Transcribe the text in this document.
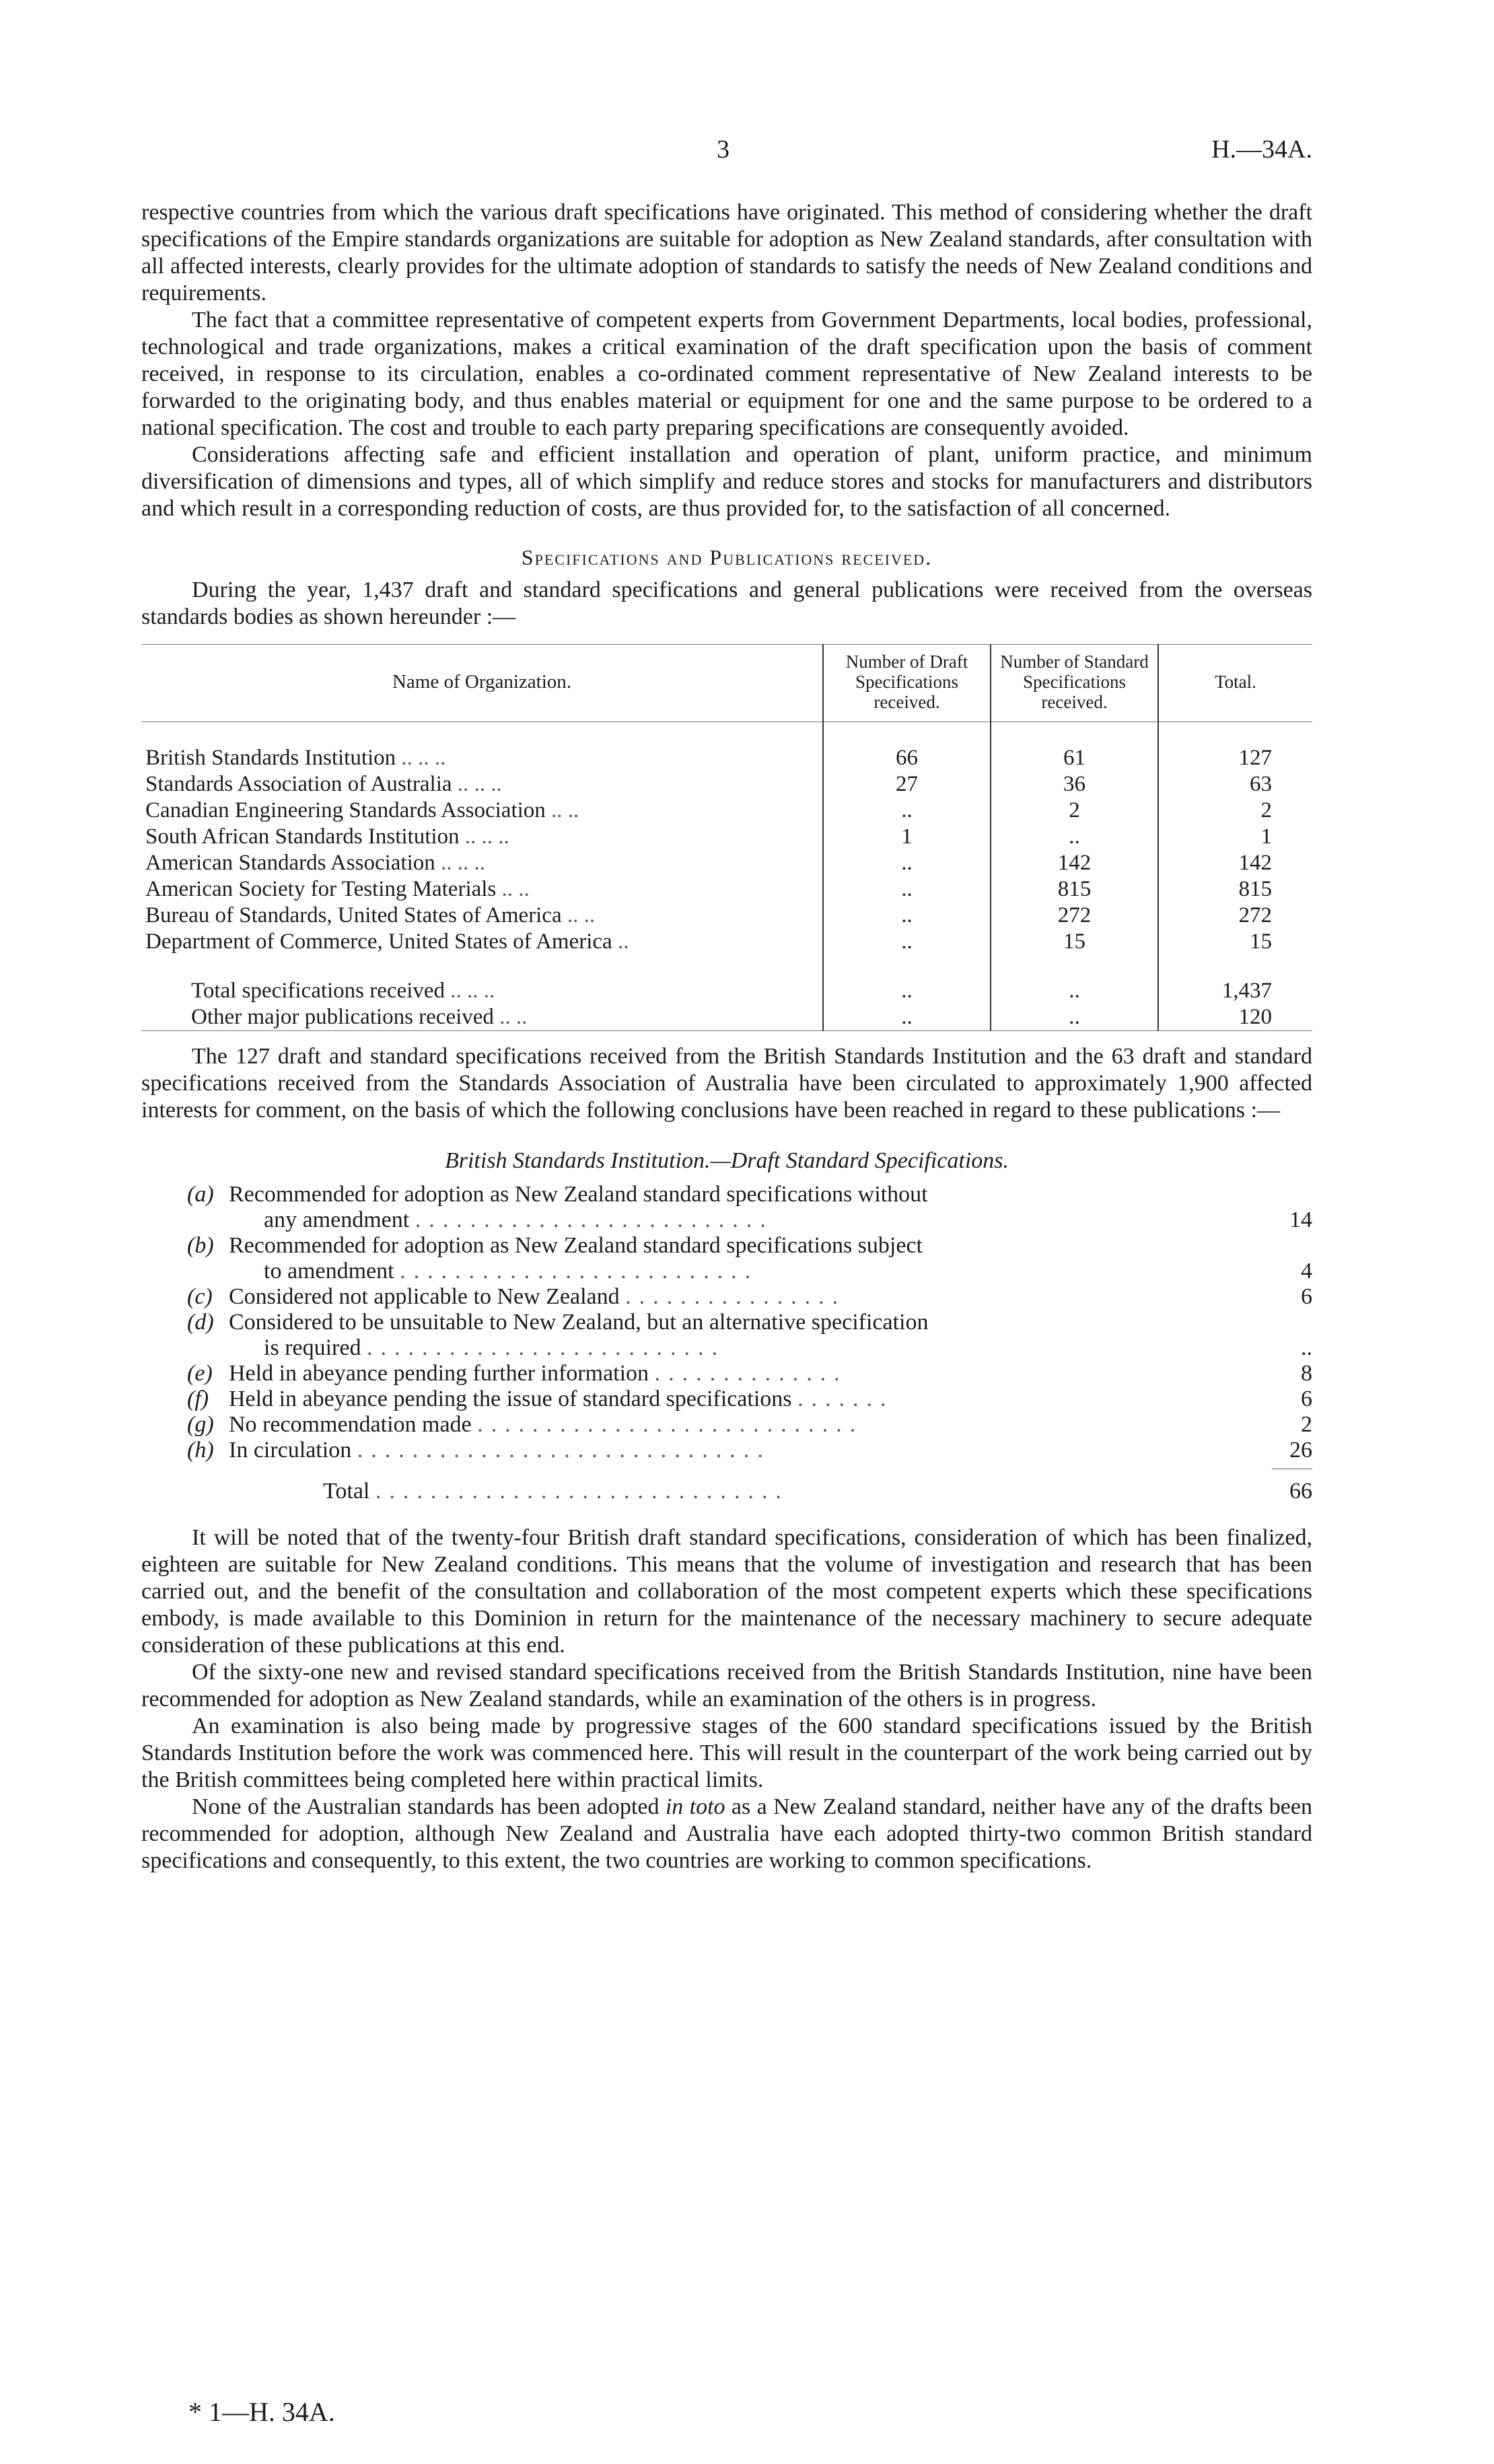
3	H.—34A.

respective countries from which the various draft specifications have originated. This method of considering whether the draft specifications of the Empire standards organizations are suitable for adoption as New Zealand standards, after consultation with all affected interests, clearly provides for the ultimate adoption of standards to satisfy the needs of New Zealand conditions and requirements.

The fact that a committee representative of competent experts from Government Departments, local bodies, professional, technological and trade organizations, makes a critical examination of the draft specification upon the basis of comment received, in response to its circulation, enables a co-ordinated comment representative of New Zealand interests to be forwarded to the originating body, and thus enables material or equipment for one and the same purpose to be ordered to a national specification. The cost and trouble to each party preparing specifications are consequently avoided.

Considerations affecting safe and efficient installation and operation of plant, uniform practice, and minimum diversification of dimensions and types, all of which simplify and reduce stores and stocks for manufacturers and distributors and which result in a corresponding reduction of costs, are thus provided for, to the satisfaction of all concerned.

Specifications and Publications received.

During the year, 1,437 draft and standard specifications and general publications were received from the overseas standards bodies as shown hereunder :—

Name of Organization.	Number of Draft Specifications received.	Number of Standard Specifications received.	Total.

British Standards Institution .. .. ..	66	61	127
Standards Association of Australia .. .. ..	27	36	63
Canadian Engineering Standards Association .. ..	..	2	2
South African Standards Institution .. .. ..	1	..	1
American Standards Association .. .. ..	..	142	142
American Society for Testing Materials .. ..	..	815	815
Bureau of Standards, United States of America .. ..	..	272	272
Department of Commerce, United States of America ..	..	15	15

Total specifications received .. .. ..	..	..	1,437
Other major publications received .. ..	..	..	120

The 127 draft and standard specifications received from the British Standards Institution and the 63 draft and standard specifications received from the Standards Association of Australia have been circulated to approximately 1,900 affected interests for comment, on the basis of which the following conclusions have been reached in regard to these publications :—

British Standards Institution.—Draft Standard Specifications.
(a) Recommended for adoption as New Zealand standard specifications without
any amendment ..........................	14
(b) Recommended for adoption as New Zealand standard specifications subject
to amendment ..........................	4
(c) Considered not applicable to New Zealand ................	6
(d) Considered to be unsuitable to New Zealand, but an alternative specification
is required ..........................	..
(e) Held in abeyance pending further information ..............	8
(f) Held in abeyance pending the issue of standard specifications .......	6
(g) No recommendation made ............................	2
(h) In circulation ..............................	26
Total ..............................	66

It will be noted that of the twenty-four British draft standard specifications, consideration of which has been finalized, eighteen are suitable for New Zealand conditions. This means that the volume of investigation and research that has been carried out, and the benefit of the consultation and collaboration of the most competent experts which these specifications embody, is made available to this Dominion in return for the maintenance of the necessary machinery to secure adequate consideration of these publications at this end.

Of the sixty-one new and revised standard specifications received from the British Standards Institution, nine have been recommended for adoption as New Zealand standards, while an examination of the others is in progress.

An examination is also being made by progressive stages of the 600 standard specifications issued by the British Standards Institution before the work was commenced here. This will result in the counterpart of the work being carried out by the British committees being completed here within practical limits.

None of the Australian standards has been adopted in toto as a New Zealand standard, neither have any of the drafts been recommended for adoption, although New Zealand and Australia have each adopted thirty-two common British standard specifications and consequently, to this extent, the two countries are working to common specifications.

* 1—H. 34A.
